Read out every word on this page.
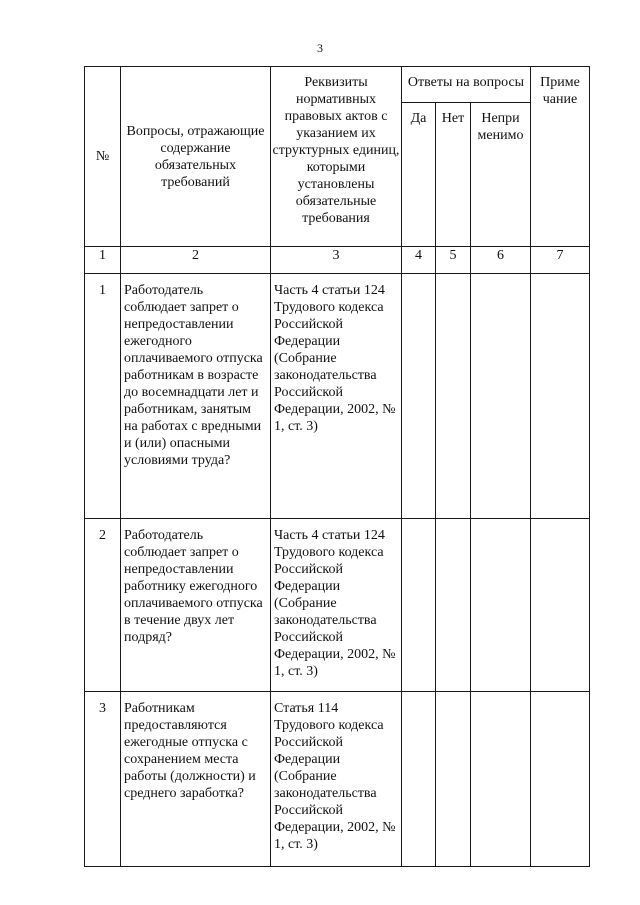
3
№	Вопросы, отражающие содержание обязательных требований	Реквизиты нормативных правовых актов с указанием их структурных единиц, которыми установлены обязательные требования	Ответы на вопросы			Приме чание
			Да	Нет	Непри менимо	
1	2	3	4	5	6	7
1	Работодатель соблюдает запрет о непредоставлении ежегодного оплачиваемого отпуска работникам в возрасте до восемнадцати лет и работникам, занятым на работах с вредными и (или) опасными условиями труда?	Часть 4 статьи 124 Трудового кодекса Российской Федерации (Собрание законодательства Российской Федерации, 2002, № 1, ст. 3)				
2	Работодатель соблюдает запрет о непредоставлении работнику ежегодного оплачиваемого отпуска в течение двух лет подряд?	Часть 4 статьи 124 Трудового кодекса Российской Федерации (Собрание законодательства Российской Федерации, 2002, № 1, ст. 3)				
3	Работникам предоставляются ежегодные отпуска с сохранением места работы (должности) и среднего заработка?	Статья 114 Трудового кодекса Российской Федерации (Собрание законодательства Российской Федерации, 2002, № 1, ст. 3)				
